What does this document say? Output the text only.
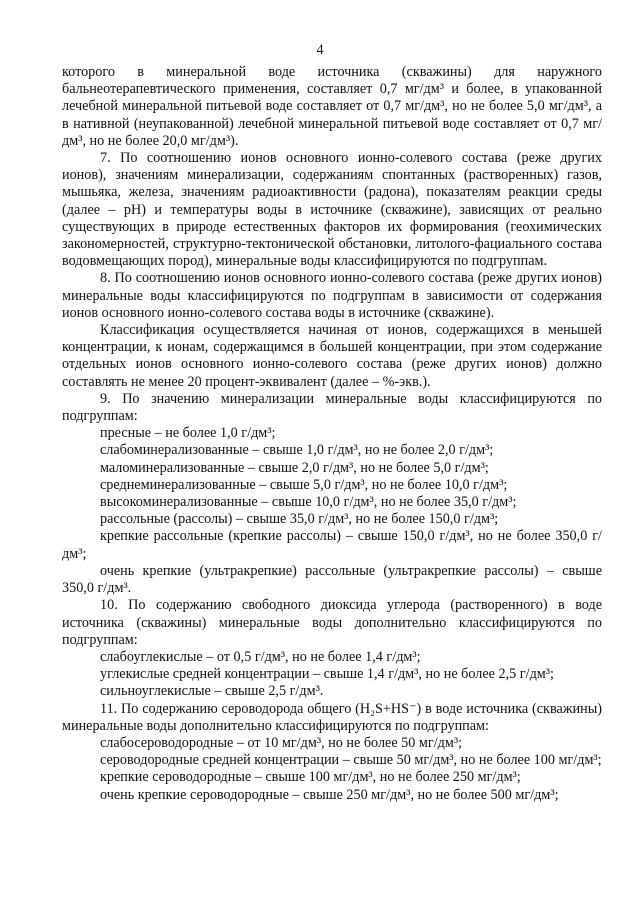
4

которого в минеральной воде источника (скважины) для наружного бальнеотерапевтического применения, составляет 0,7 мг/дм³ и более, в упакованной лечебной минеральной питьевой воде составляет от 0,7 мг/дм³, но не более 5,0 мг/дм³, а в нативной (неупакованной) лечебной минеральной питьевой воде составляет от 0,7 мг/дм³, но не более 20,0 мг/дм³).

7. По соотношению ионов основного ионно-солевого состава (реже других ионов), значениям минерализации, содержаниям спонтанных (растворенных) газов, мышьяка, железа, значениям радиоактивности (радона), показателям реакции среды (далее – pH) и температуры воды в источнике (скважине), зависящих от реально существующих в природе естественных факторов их формирования (геохимических закономерностей, структурно-тектонической обстановки, литолого-фациального состава водовмещающих пород), минеральные воды классифицируются по подгруппам.

8. По соотношению ионов основного ионно-солевого состава (реже других ионов) минеральные воды классифицируются по подгруппам в зависимости от содержания ионов основного ионно-солевого состава воды в источнике (скважине).

Классификация осуществляется начиная от ионов, содержащихся в меньшей концентрации, к ионам, содержащимся в большей концентрации, при этом содержание отдельных ионов основного ионно-солевого состава (реже других ионов) должно составлять не менее 20 процент-эквивалент (далее – %-экв.).

9. По значению минерализации минеральные воды классифицируются по подгруппам:

пресные – не более 1,0 г/дм³;

слабоминерализованные – свыше 1,0 г/дм³, но не более 2,0 г/дм³;

маломинерализованные – свыше 2,0 г/дм³, но не более 5,0 г/дм³;

среднеминерализованные – свыше 5,0 г/дм³, но не более 10,0 г/дм³;

высокоминерализованные – свыше 10,0 г/дм³, но не более 35,0 г/дм³;

рассольные (рассолы) – свыше 35,0 г/дм³, но не более 150,0 г/дм³;

крепкие рассольные (крепкие рассолы) – свыше 150,0 г/дм³, но не более 350,0 г/дм³;

очень крепкие (ультракрепкие) рассольные (ультракрепкие рассолы) – свыше 350,0 г/дм³.

10. По содержанию свободного диоксида углерода (растворенного) в воде источника (скважины) минеральные воды дополнительно классифицируются по подгруппам:

слабоуглекислые – от 0,5 г/дм³, но не более 1,4 г/дм³;

углекислые средней концентрации – свыше 1,4 г/дм³, но не более 2,5 г/дм³;

сильноуглекислые – свыше 2,5 г/дм³.

11. По содержанию сероводорода общего (H₂S+HS⁻) в воде источника (скважины) минеральные воды дополнительно классифицируются по подгруппам:

слабосероводородные – от 10 мг/дм³, но не более 50 мг/дм³;

сероводородные средней концентрации – свыше 50 мг/дм³, но не более 100 мг/дм³;

крепкие сероводородные – свыше 100 мг/дм³, но не более 250 мг/дм³;

очень крепкие сероводородные – свыше 250 мг/дм³, но не более 500 мг/дм³;
